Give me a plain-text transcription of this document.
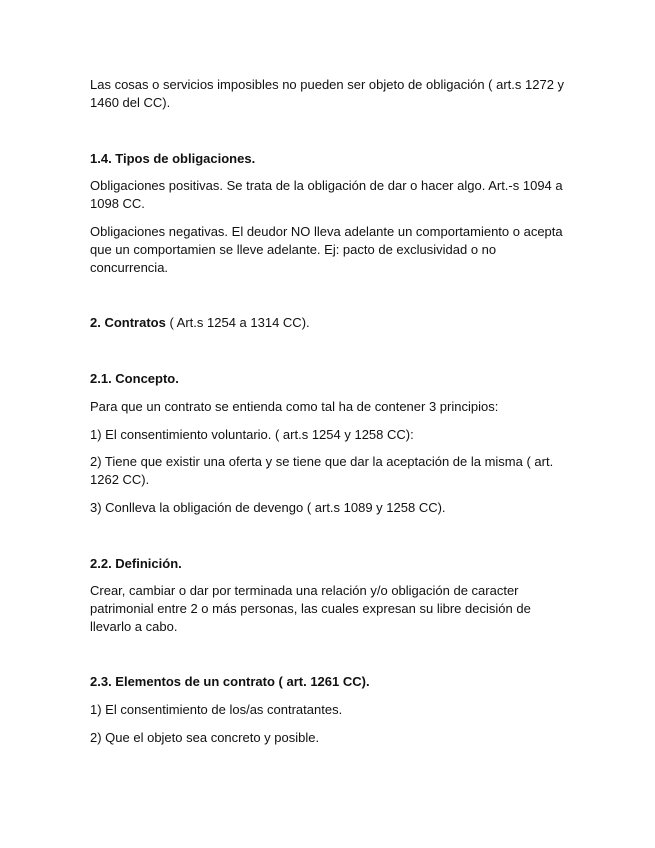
Las cosas o servicios imposibles no pueden ser objeto de obligación ( art.s 1272 y 1460 del CC).

1.4. Tipos de obligaciones.

Obligaciones positivas. Se trata de la obligación de dar o hacer algo. Art.-s 1094 a 1098 CC.

Obligaciones negativas. El deudor NO lleva adelante un comportamiento o acepta que un comportamien se lleve adelante. Ej: pacto de exclusividad o no concurrencia.

2. Contratos ( Art.s 1254 a 1314 CC).

2.1. Concepto.

Para que un contrato se entienda como tal ha de contener 3 principios:

1) El consentimiento voluntario. ( art.s 1254 y 1258 CC):

2) Tiene que existir una oferta y se tiene que dar la aceptación de la misma ( art. 1262 CC).

3) Conlleva la obligación de devengo ( art.s 1089 y 1258 CC).

2.2. Definición.

Crear, cambiar o dar por terminada una relación y/o obligación de caracter patrimonial entre 2 o más personas, las cuales expresan su libre decisión de llevarlo a cabo.

2.3. Elementos de un contrato ( art. 1261 CC).

1) El consentimiento de los/as contratantes.

2) Que el objeto sea concreto y posible.
